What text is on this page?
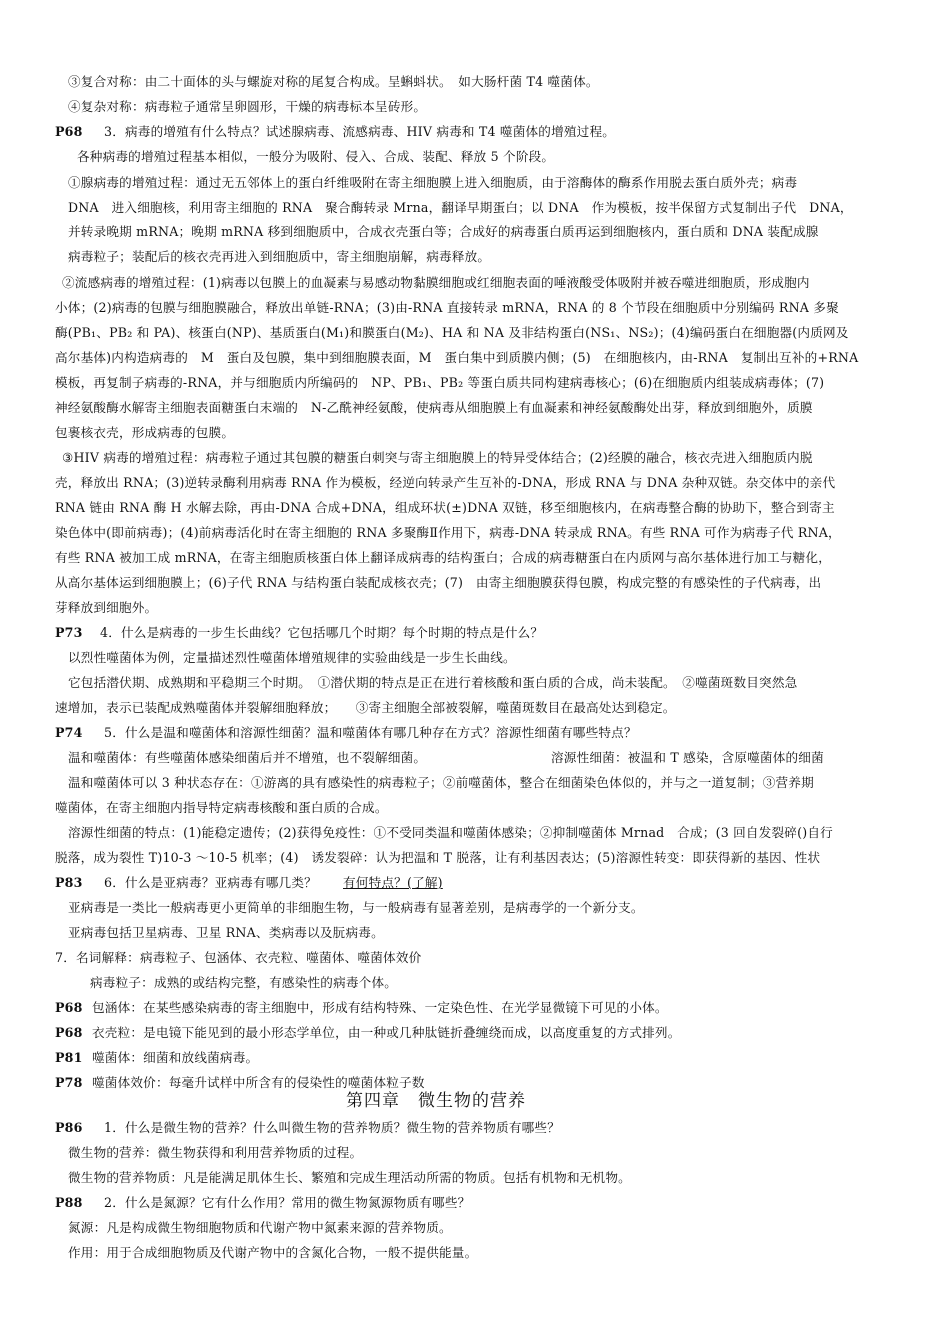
③复合对称：由二十面体的头与螺旋对称的尾复合构成。呈蝌蚪状。　如大肠杆菌 T4 噬菌体。
④复杂对称：病毒粒子通常呈卵圆形，干燥的病毒标本呈砖形。
P68 3．病毒的增殖有什么特点？试述腺病毒、流感病毒、HIV 病毒和 T4 噬菌体的增殖过程。
各种病毒的增殖过程基本相似，一般分为吸附、侵入、合成、装配、释放 5 个阶段。
①腺病毒的增殖过程：通过无五邻体上的蛋白纤维吸附在寄主细胞膜上进入细胞质，由于溶酶体的酶系作用脱去蛋白质外壳；病毒
DNA　进入细胞核，利用寄主细胞的 RNA　聚合酶转录 Mrna，翻译早期蛋白；以 DNA　作为模板，按半保留方式复制出子代　DNA，
并转录晚期 mRNA；晚期 mRNA 移到细胞质中，合成衣壳蛋白等；合成好的病毒蛋白质再运到细胞核内，蛋白质和 DNA 装配成腺
病毒粒子；装配后的核衣壳再进入到细胞质中，寄主细胞崩解，病毒释放。
②流感病毒的增殖过程：(1)病毒以包膜上的血凝素与易感动物黏膜细胞或红细胞表面的唾液酸受体吸附并被吞噬进细胞质，形成胞内
小体；(2)病毒的包膜与细胞膜融合，释放出单链-RNA；(3)由-RNA 直接转录 mRNA，RNA 的 8 个节段在细胞质中分别编码 RNA 多聚
酶(PB₁、PB₂ 和 PA)、核蛋白(NP)、基质蛋白(M₁)和膜蛋白(M₂)、HA 和 NA 及非结构蛋白(NS₁、NS₂)；(4)编码蛋白在细胞器(内质网及
高尔基体)内构造病毒的　M　蛋白及包膜，集中到细胞膜表面，M　蛋白集中到质膜内侧；(5)　在细胞核内，由-RNA　复制出互补的+RNA
模板，再复制子病毒的-RNA，并与细胞质内所编码的　NP、PB₁、PB₂ 等蛋白质共同构建病毒核心；(6)在细胞质内组装成病毒体；(7)
神经氨酸酶水解寄主细胞表面糖蛋白末端的　N-乙酰神经氨酸，使病毒从细胞膜上有血凝素和神经氨酸酶处出芽，释放到细胞外，质膜
包裹核衣壳，形成病毒的包膜。
③HIV 病毒的增殖过程：病毒粒子通过其包膜的糖蛋白刺突与寄主细胞膜上的特异受体结合；(2)经膜的融合，核衣壳进入细胞质内脱
壳，释放出 RNA；(3)逆转录酶利用病毒 RNA 作为模板，经逆向转录产生互补的-DNA，形成 RNA 与 DNA 杂种双链。杂交体中的亲代
RNA 链由 RNA 酶 H 水解去除，再由-DNA 合成+DNA，组成环状(±)DNA 双链，移至细胞核内，在病毒整合酶的协助下，整合到寄主
染色体中(即前病毒)；(4)前病毒活化时在寄主细胞的 RNA 多聚酶Ⅱ作用下，病毒-DNA 转录成 RNA。有些 RNA 可作为病毒子代 RNA，
有些 RNA 被加工成 mRNA，在寄主细胞质核蛋白体上翻译成病毒的结构蛋白；合成的病毒糖蛋白在内质网与高尔基体进行加工与糖化，
从高尔基体运到细胞膜上；(6)子代 RNA 与结构蛋白装配成核衣壳；(7)　由寄主细胞膜获得包膜，构成完整的有感染性的子代病毒，出
芽释放到细胞外。
P73 4．什么是病毒的一步生长曲线？它包括哪几个时期？每个时期的特点是什么？
以烈性噬菌体为例，定量描述烈性噬菌体增殖规律的实验曲线是一步生长曲线。
它包括潜伏期、成熟期和平稳期三个时期。　①潜伏期的特点是正在进行着核酸和蛋白质的合成，尚未装配。　②噬菌斑数目突然急
速增加，表示已装配成熟噬菌体并裂解细胞释放；　　③寄主细胞全部被裂解，噬菌斑数目在最高处达到稳定。
P74 5．什么是温和噬菌体和溶源性细菌？温和噬菌体有哪几种存在方式？溶源性细菌有哪些特点？
温和噬菌体：有些噬菌体感染细菌后并不增殖，也不裂解细菌。	溶源性细菌：被温和 T 感染，含原噬菌体的细菌
温和噬菌体可以 3 种状态存在：①游离的具有感染性的病毒粒子；②前噬菌体，整合在细菌染色体似的，并与之一道复制；③营养期
噬菌体，在寄主细胞内指导特定病毒核酸和蛋白质的合成。
溶源性细菌的特点：(1)能稳定遗传；(2)获得免疫性：①不受同类温和噬菌体感染；②抑制噬菌体 Mrnad　合成；(3 回自发裂碎()自行
脱落，成为裂性 T)10-3 ～10-5 机率；(4)　诱发裂碎：认为把温和 T 脱落，让有利基因表达；(5)溶源性转变：即获得新的基因、性状
P83 6．什么是亚病毒？亚病毒有哪几类？ 有何特点？(了解)
亚病毒是一类比一般病毒更小更简单的非细胞生物，与一般病毒有显著差别，是病毒学的一个新分支。
亚病毒包括卫星病毒、卫星 RNA、类病毒以及朊病毒。
7．名词解释：病毒粒子、包涵体、衣壳粒、噬菌体、噬菌体效价
病毒粒子：成熟的或结构完整，有感染性的病毒个体。
P68 包涵体：在某些感染病毒的寄主细胞中，形成有结构特殊、一定染色性、在光学显微镜下可见的小体。
P68 衣壳粒：是电镜下能见到的最小形态学单位，由一种或几种肽链折叠缠绕而成，以高度重复的方式排列。
P81 噬菌体：细菌和放线菌病毒。
P78 噬菌体效价：每毫升试样中所含有的侵染性的噬菌体粒子数
第四章　微生物的营养
P86 1．什么是微生物的营养？什么叫微生物的营养物质？微生物的营养物质有哪些？
微生物的营养：微生物获得和利用营养物质的过程。
微生物的营养物质：凡是能满足肌体生长、繁殖和完成生理活动所需的物质。包括有机物和无机物。
P88 2．什么是氮源？它有什么作用？常用的微生物氮源物质有哪些？
氮源：凡是构成微生物细胞物质和代谢产物中氮素来源的营养物质。
作用：用于合成细胞物质及代谢产物中的含氮化合物，一般不提供能量。
